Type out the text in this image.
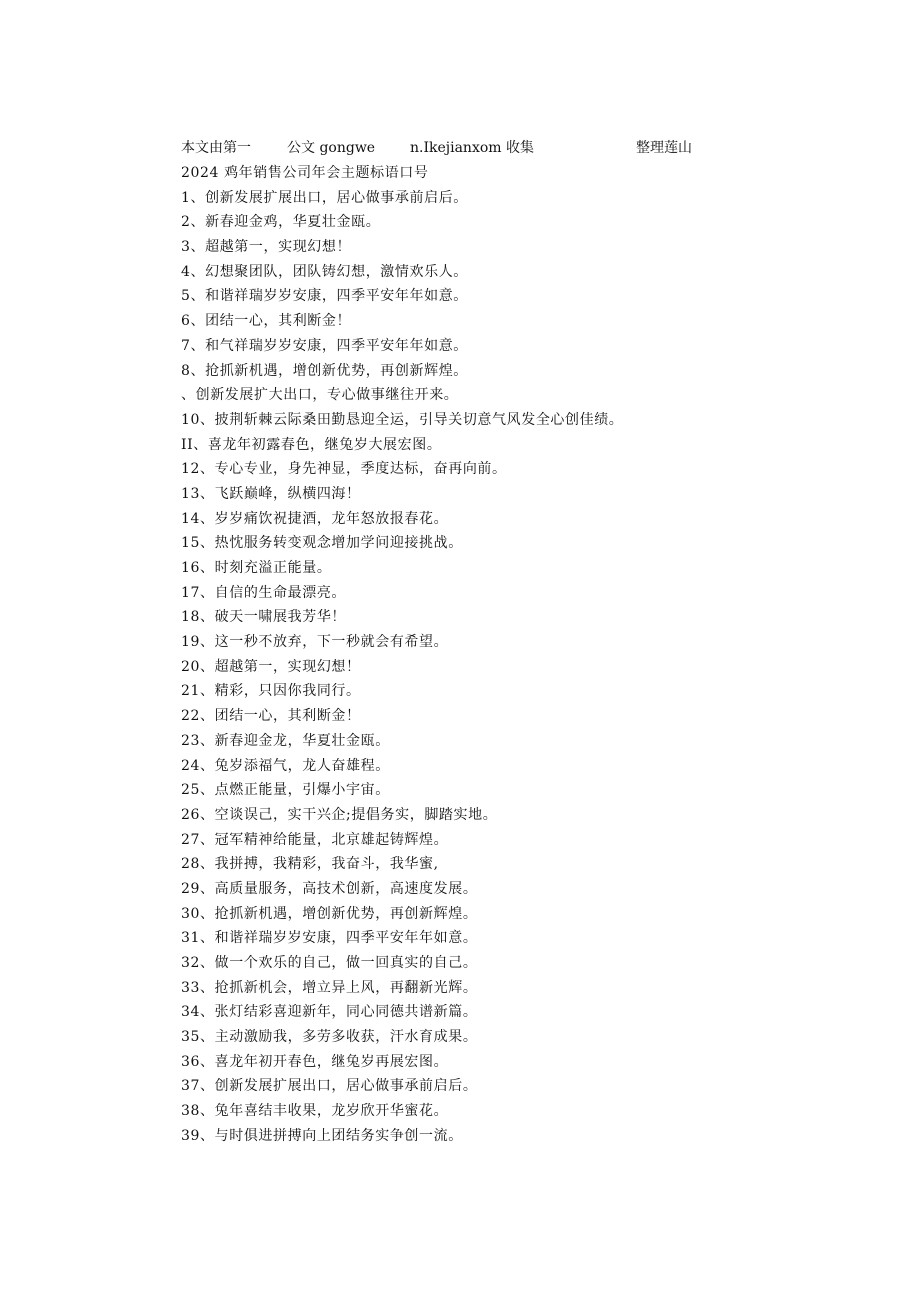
本文由第一	公文 gongwe n.Ikejianxom 收集	整理莲山
2024 鸡年销售公司年会主题标语口号
1、创新发展扩展出口，居心做事承前启后。
2、新春迎金鸡，华夏壮金瓯。
3、超越第一，实现幻想！
4、幻想聚团队，团队铸幻想，激情欢乐人。
5、和谐祥瑞岁岁安康，四季平安年年如意。
6、团结一心，其利断金！
7、和气祥瑞岁岁安康，四季平安年年如意。
8、抢抓新机遇，增创新优势，再创新辉煌。
、创新发展扩大出口，专心做事继往开来。
10、披荆斩棘云际桑田勤恳迎全运，引导关切意气风发全心创佳绩。
II、喜龙年初露春色，继兔岁大展宏图。
12、专心专业，身先神显，季度达标，奋再向前。
13、飞跃巅峰，纵横四海！
14、岁岁痛饮祝捷酒，龙年怒放报春花。
15、热忱服务转变观念增加学问迎接挑战。
16、时刻充溢正能量。
17、自信的生命最漂亮。
18、破天一啸展我芳华！
19、这一秒不放弃，下一秒就会有希望。
20、超越第一，实现幻想！
21、精彩，只因你我同行。
22、团结一心，其利断金！
23、新春迎金龙，华夏壮金瓯。
24、兔岁添福气，龙人奋雄程。
25、点燃正能量，引爆小宇宙。
26、空谈误己，实干兴企;提倡务实，脚踏实地。
27、冠军精神给能量，北京雄起铸辉煌。
28、我拼搏，我精彩，我奋斗，我华蜜,
29、高质量服务，高技术创新，高速度发展。
30、抢抓新机遇，增创新优势，再创新辉煌。
31、和谐祥瑞岁岁安康，四季平安年年如意。
32、做一个欢乐的自己，做一回真实的自己。
33、抢抓新机会，增立异上风，再翻新光辉。
34、张灯结彩喜迎新年，同心同德共谱新篇。
35、主动激励我，多劳多收获，汗水育成果。
36、喜龙年初开春色，继兔岁再展宏图。
37、创新发展扩展出口，居心做事承前启后。
38、兔年喜结丰收果，龙岁欣开华蜜花。
39、与时俱进拼搏向上团结务实争创一流。
